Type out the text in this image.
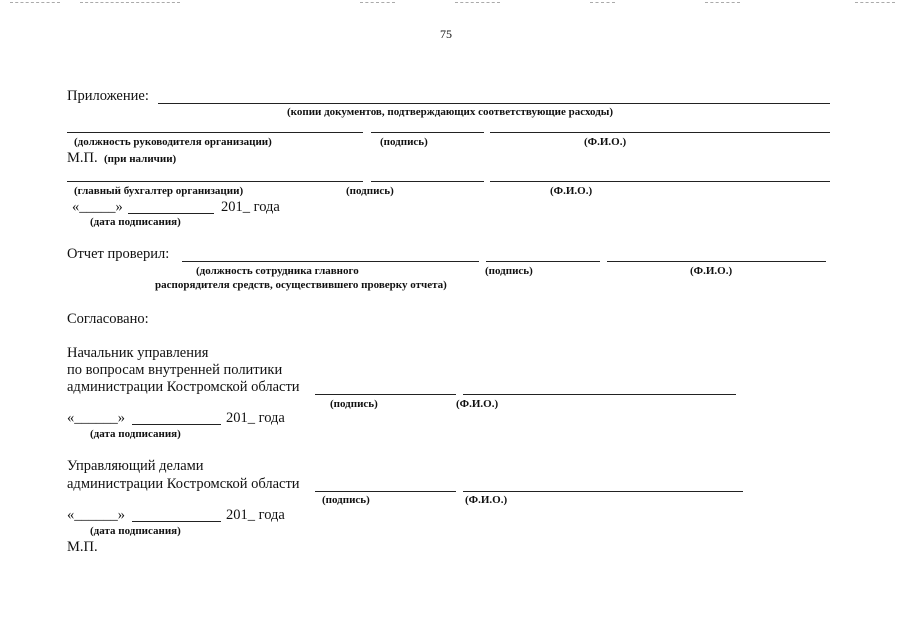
75
Приложение:
(копии документов, подтверждающих соответствующие расходы)
(должность руководителя организации)	(подпись)	(Ф.И.О.)
М.П. (при наличии)
(главный бухгалтер организации)	(подпись)	(Ф.И.О.)
«_____»	201_ года
(дата подписания)
Отчет проверил:
(должность сотрудника главного
распорядителя средств, осуществившего проверку отчета)
(подпись)	(Ф.И.О.)
Согласовано:
Начальник управления
по вопросам внутренней политики
администрации Костромской области
(подпись)	(Ф.И.О.)
«______»	201_ года
(дата подписания)
Управляющий делами
администрации Костромской области
(подпись)	(Ф.И.О.)
«______»	201_ года
(дата подписания)
М.П.
